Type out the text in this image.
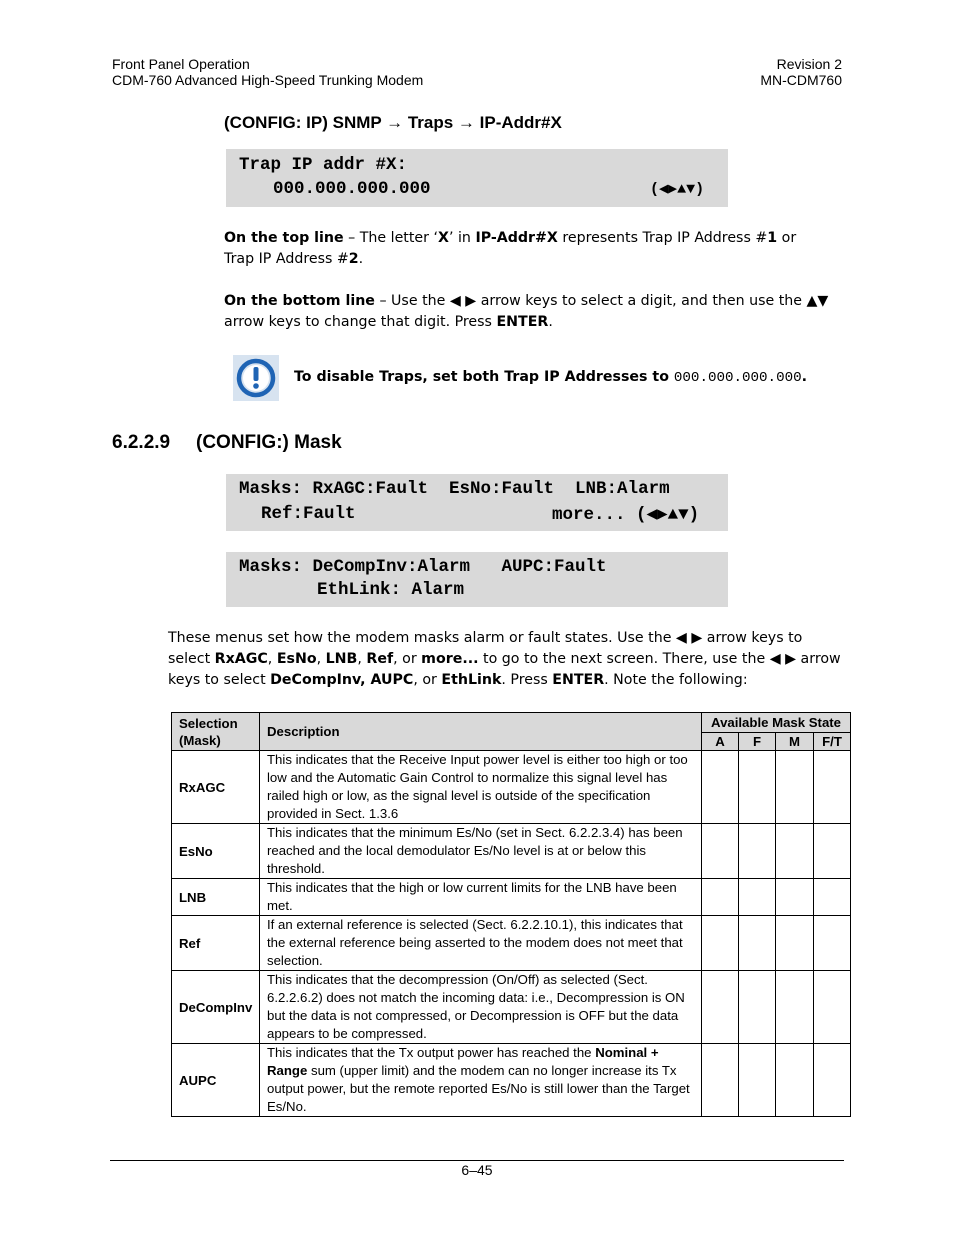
Front Panel Operation
CDM-760 Advanced High-Speed Trunking Modem
Revision 2
MN-CDM760
(CONFIG: IP) SNMP → Traps → IP-Addr#X
Trap IP addr #X:
000.000.000.000	(◀▶▲▼)
On the top line – The letter ‘X’ in IP-Addr#X represents Trap IP Address #1 or Trap IP Address #2.
On the bottom line – Use the ◀ ▶ arrow keys to select a digit, and then use the ▲▼ arrow keys to change that digit. Press ENTER.
To disable Traps, set both Trap IP Addresses to 000.000.000.000.
6.2.2.9 (CONFIG:) Mask
Masks: RxAGC:Fault  EsNo:Fault  LNB:Alarm
Ref:Fault	more... (◀▶▲▼)
Masks: DeCompInv:Alarm   AUPC:Fault
EthLink: Alarm
These menus set how the modem masks alarm or fault states. Use the ◀ ▶ arrow keys to select RxAGC, EsNo, LNB, Ref, or more... to go to the next screen. There, use the ◀ ▶ arrow keys to select DeCompInv, AUPC, or EthLink. Press ENTER. Note the following:
Selection (Mask)	Description	Available Mask State			
		A	F	M	F/T
RxAGC	This indicates that the Receive Input power level is either too high or too low and the Automatic Gain Control to normalize this signal level has railed high or low, as the signal level is outside of the specification provided in Sect. 1.3.6				
EsNo	This indicates that the minimum Es/No (set in Sect. 6.2.2.3.4) has been reached and the local demodulator Es/No level is at or below this threshold.				
LNB	This indicates that the high or low current limits for the LNB have been met.				
Ref	If an external reference is selected (Sect. 6.2.2.10.1), this indicates that the external reference being asserted to the modem does not meet that selection.				
DeCompInv	This indicates that the decompression (On/Off) as selected (Sect. 6.2.2.6.2) does not match the incoming data: i.e., Decompression is ON but the data is not compressed, or Decompression is OFF but the data appears to be compressed.				
AUPC	This indicates that the Tx output power has reached the Nominal + Range sum (upper limit) and the modem can no longer increase its Tx output power, but the remote reported Es/No is still lower than the Target Es/No.				
6–45
